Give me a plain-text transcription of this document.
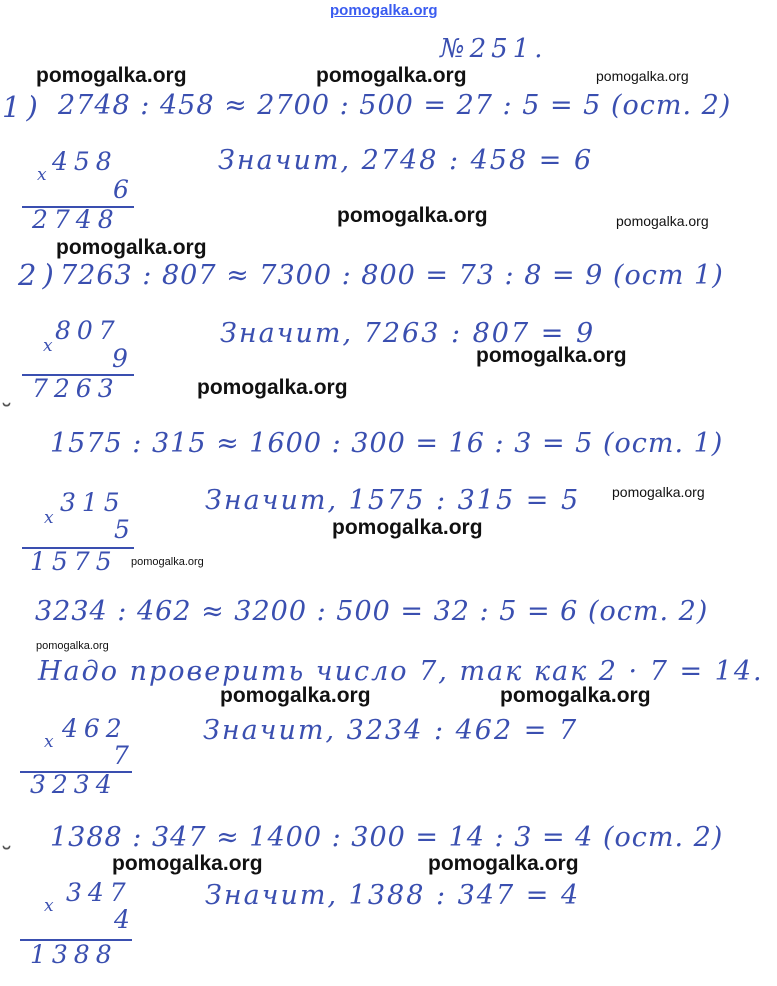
pomogalka.org
№251.
1) 2748 : 458 ≈ 2700 : 500 = 27 : 5 = 5 (ост. 2)
458
x 6
2748
Значит, 2748 : 458 = 6
2) 7263 : 807 ≈ 7300 : 800 = 73 : 8 = 9 (ост 1)
807
x 9
7263
Значит, 7263 : 807 = 9
˘
1575 : 315 ≈ 1600 : 300 = 16 : 3 = 5 (ост. 1)
315
x 5
1575
Значит, 1575 : 315 = 5
3234 : 462 ≈ 3200 : 500 = 32 : 5 = 6 (ост. 2)
Надо проверить число 7, так как 2 · 7 = 14.
462
x 7
3234
Значит, 3234 : 462 = 7
1388 : 347 ≈ 1400 : 300 = 14 : 3 = 4 (ост. 2)
˘
347
x 4
1388
Значит, 1388 : 347 = 4
pomogalka.org	pomogalka.org	pomogalka.org
pomogalka.org	pomogalka.org
pomogalka.org
pomogalka.org
pomogalka.org
pomogalka.org
pomogalka.org
pomogalka.org
pomogalka.org
pomogalka.org	pomogalka.org
pomogalka.org	pomogalka.org
